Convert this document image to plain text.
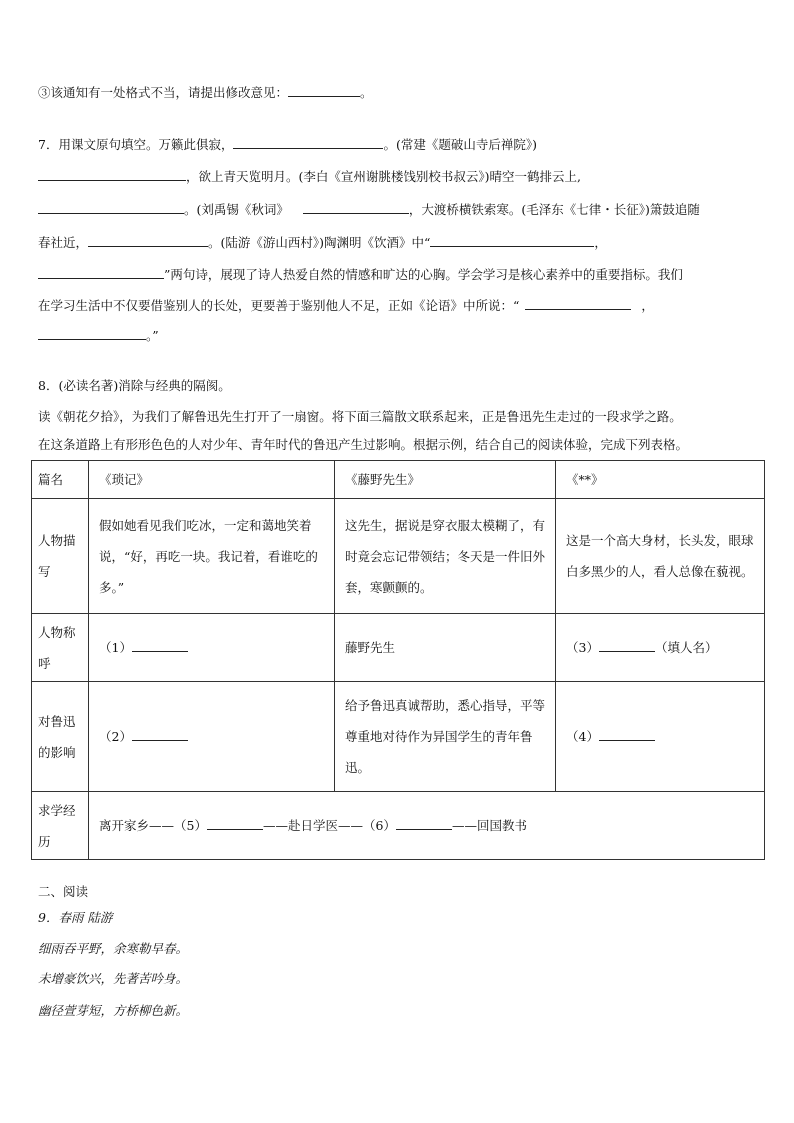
③该通知有一处格式不当，请提出修改意见：	。
7．用课文原句填空。万籁此俱寂，	。(常建《题破山寺后禅院》)
，欲上青天览明月。(李白《宣州谢朓楼饯别校书叔云》)晴空一鹤排云上,
。(刘禹锡《秋词》	，大渡桥横铁索寒。(毛泽东《七律・长征》)箫鼓追随
春社近，	。(陆游《游山西村》)陶渊明《饮酒》中“	，
”两句诗，展现了诗人热爱自然的情感和旷达的心胸。学会学习是核心素养中的重要指标。我们
在学习生活中不仅要借鉴别人的长处，更要善于鉴别他人不足，正如《论语》中所说：“	，
。”
8．(必读名著)消除与经典的隔阂。
读《朝花夕拾》，为我们了解鲁迅先生打开了一扇窗。将下面三篇散文联系起来，正是鲁迅先生走过的一段求学之路。
在这条道路上有形形色色的人对少年、青年时代的鲁迅产生过影响。根据示例，结合自己的阅读体验，完成下列表格。
篇名	《琐记》	《藤野先生》	《**》
人物描写	假如她看见我们吃冰，一定和蔼地笑着说，“好，再吃一块。我记着，看谁吃的多。”	这先生，据说是穿衣服太模糊了，有时竟会忘记带领结；冬天是一件旧外套，寒颤颤的。	这是一个高大身材，长头发，眼球白多黑少的人，看人总像在藐视。
人物称呼	（1）	藤野先生	（3） （填人名）
对鲁迅的影响	（2）	给予鲁迅真诚帮助，悉心指导，平等尊重地对待作为异国学生的青年鲁迅。	（4）
求学经历	离开家乡——（5） ——赴日学医——（6） ——回国教书		
二、阅读
9．春雨 陆游
细雨吞平野，余寒勒早春。
未增豪饮兴，先著苦吟身。
幽径萱芽短，方桥柳色新。
